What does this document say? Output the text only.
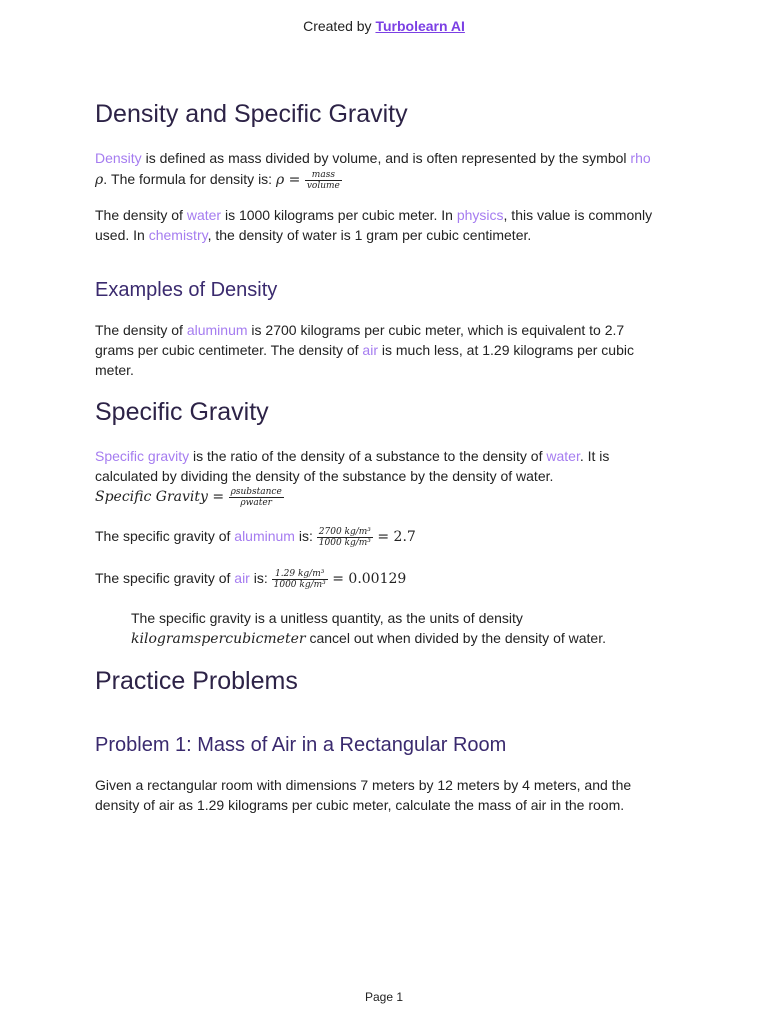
Created by Turbolearn AI
Density and Specific Gravity

Density is defined as mass divided by volume, and is often represented by the symbol rho ρ. The formula for density is: $\rho = \frac{\text{mass}}{\text{volume}}$

The density of water is 1000 kilograms per cubic meter. In physics, this value is commonly used. In chemistry, the density of water is 1 gram per cubic centimeter.

Examples of Density

The density of aluminum is 2700 kilograms per cubic meter, which is equivalent to 2.7 grams per cubic centimeter. The density of air is much less, at 1.29 kilograms per cubic meter.

Specific Gravity

Specific gravity is the ratio of the density of a substance to the density of water. It is calculated by dividing the density of the substance by the density of water.
Specific Gravity = $\frac{\text{ρsubstance}}{\text{ρwater}}$

The specific gravity of aluminum is: $\frac{\text{2700 kg/m³}}{\text{1000 kg/m³}} = 2.7$

The specific gravity of air is: $\frac{\text{1.29 kg/m³}}{\text{1000 kg/m³}} = 0.00129$

The specific gravity is a unitless quantity, as the units of density kilogramspercubicmeter cancel out when divided by the density of water.

Practice Problems
Problem 1: Mass of Air in a Rectangular Room

Given a rectangular room with dimensions 7 meters by 12 meters by 4 meters, and the density of air as 1.29 kilograms per cubic meter, calculate the mass of air in the room.

Page 1
